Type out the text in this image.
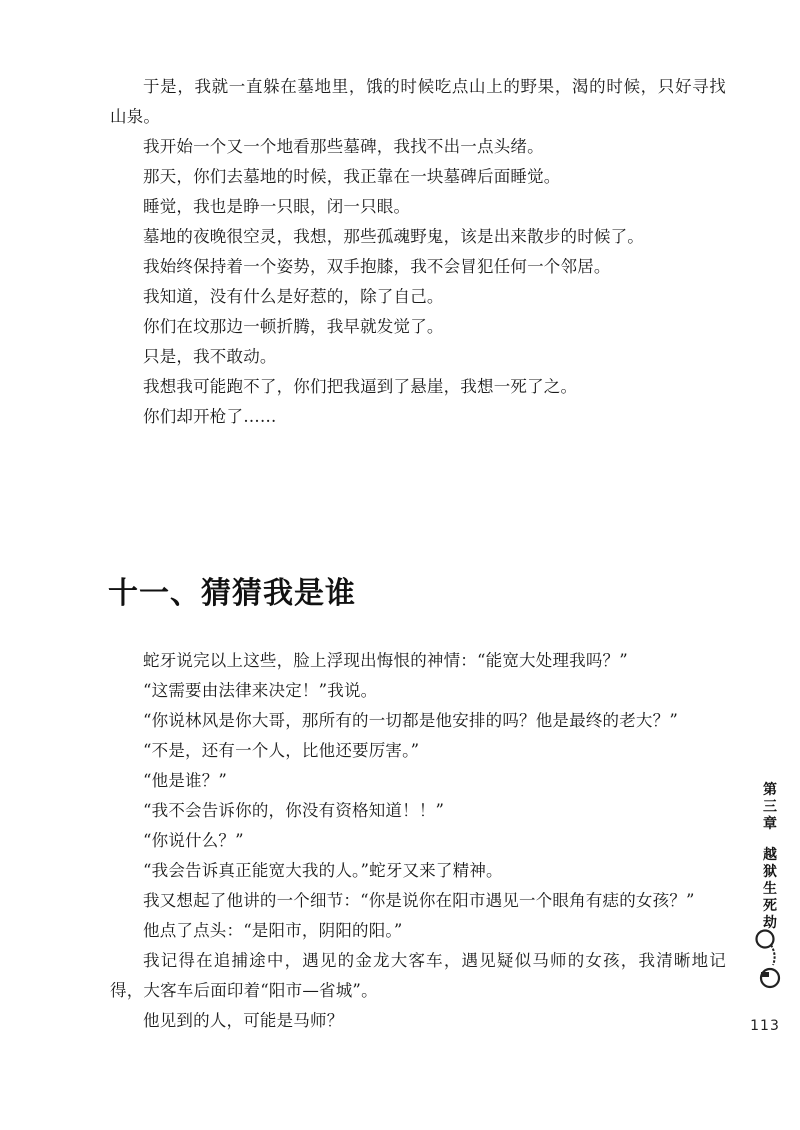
于是，我就一直躲在墓地里，饿的时候吃点山上的野果，渴的时候，只好寻找山泉。

我开始一个又一个地看那些墓碑，我找不出一点头绪。

那天，你们去墓地的时候，我正靠在一块墓碑后面睡觉。

睡觉，我也是睁一只眼，闭一只眼。

墓地的夜晚很空灵，我想，那些孤魂野鬼，该是出来散步的时候了。

我始终保持着一个姿势，双手抱膝，我不会冒犯任何一个邻居。

我知道，没有什么是好惹的，除了自己。

你们在坟那边一顿折腾，我早就发觉了。

只是，我不敢动。

我想我可能跑不了，你们把我逼到了悬崖，我想一死了之。

你们却开枪了……

十一、猜猜我是谁

蛇牙说完以上这些，脸上浮现出悔恨的神情：“能宽大处理我吗？”

“这需要由法律来决定！”我说。

“你说林风是你大哥，那所有的一切都是他安排的吗？他是最终的老大？”

“不是，还有一个人，比他还要厉害。”

“他是谁？”

“我不会告诉你的，你没有资格知道！！”

“你说什么？”

“我会告诉真正能宽大我的人。”蛇牙又来了精神。

我又想起了他讲的一个细节：“你是说你在阳市遇见一个眼角有痣的女孩？”

他点了点头：“是阳市，阴阳的阳。”

我记得在追捕途中，遇见的金龙大客车，遇见疑似马师的女孩，我清晰地记得，大客车后面印着“阳市—省城”。

他见到的人，可能是马师？

第
三
章
越
狱
生
死
劫
113
